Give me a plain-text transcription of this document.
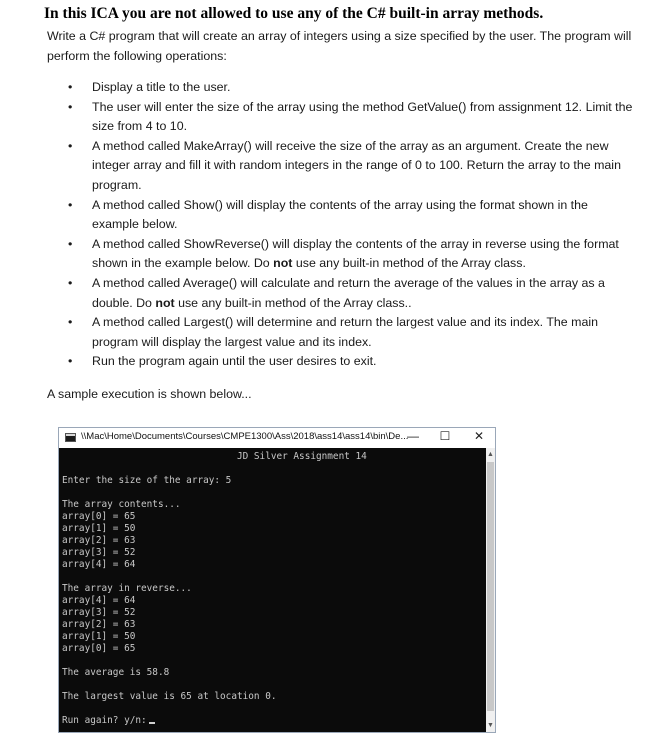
In this ICA you are not allowed to use any of the C# built-in array methods.
Write a C# program that will create an array of integers using a size specified by the user. The program will perform the following operations:
• Display a title to the user.
• The user will enter the size of the array using the method GetValue() from assignment 12. Limit the size from 4 to 10.
• A method called MakeArray() will receive the size of the array as an argument. Create the new integer array and fill it with random integers in the range of 0 to 100. Return the array to the main program.
• A method called Show() will display the contents of the array using the format shown in the example below.
• A method called ShowReverse() will display the contents of the array in reverse using the format shown in the example below. Do not use any built-in method of the Array class.
• A method called Average() will calculate and return the average of the values in the array as a double. Do not use any built-in method of the Array class..
• A method called Largest() will determine and return the largest value and its index. The main program will display the largest value and its index.
• Run the program again until the user desires to exit.
A sample execution is shown below...
\\Mac\Home\Documents\Courses\CMPE1300\Ass\2018\ass14\ass14\bin\De...
— ☐ ✕
JD Silver Assignment 14
Enter the size of the array: 5
The array contents...
array[0] = 65
array[1] = 50
array[2] = 63
array[3] = 52
array[4] = 64
The array in reverse...
array[4] = 64
array[3] = 52
array[2] = 63
array[1] = 50
array[0] = 65
The average is 58.8
The largest value is 65 at location 0.
Run again? y/n:
▲
▼
